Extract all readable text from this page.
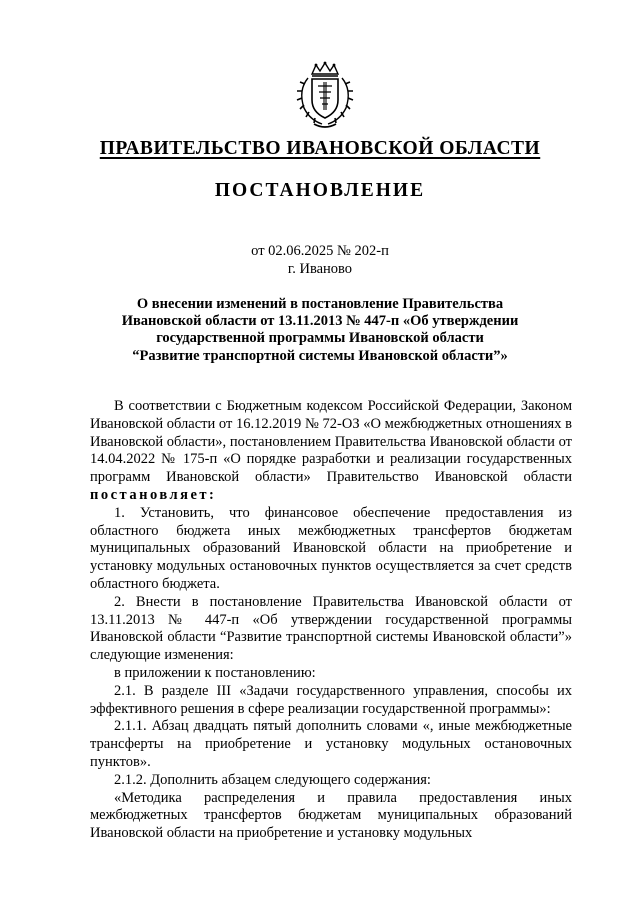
ПРАВИТЕЛЬСТВО ИВАНОВСКОЙ ОБЛАСТИ
ПОСТАНОВЛЕНИЕ
от 02.06.2025 № 202-п
г. Иваново
О внесении изменений в постановление Правительства
Ивановской области от 13.11.2013 № 447-п «Об утверждении
государственной программы Ивановской области
“Развитие транспортной системы Ивановской области”»

В соответствии с Бюджетным кодексом Российской Федерации, Законом Ивановской области от 16.12.2019 № 72-ОЗ «О межбюджетных отношениях в Ивановской области», постановлением Правительства Ивановской области от 14.04.2022 № 175-п «О порядке разработки и реализации государственных программ Ивановской области» Правительство Ивановской области постановляет:

1. Установить, что финансовое обеспечение предоставления из областного бюджета иных межбюджетных трансфертов бюджетам муниципальных образований Ивановской области на приобретение и установку модульных остановочных пунктов осуществляется за счет средств областного бюджета.

2. Внести в постановление Правительства Ивановской области от 13.11.2013 № 447-п «Об утверждении государственной программы Ивановской области “Развитие транспортной системы Ивановской области”» следующие изменения:

в приложении к постановлению:

2.1. В разделе III «Задачи государственного управления, способы их эффективного решения в сфере реализации государственной программы»:

2.1.1. Абзац двадцать пятый дополнить словами «, иные межбюджетные трансферты на приобретение и установку модульных остановочных пунктов».

2.1.2. Дополнить абзацем следующего содержания:

«Методика распределения и правила предоставления иных межбюджетных трансфертов бюджетам муниципальных образований Ивановской области на приобретение и установку модульных
